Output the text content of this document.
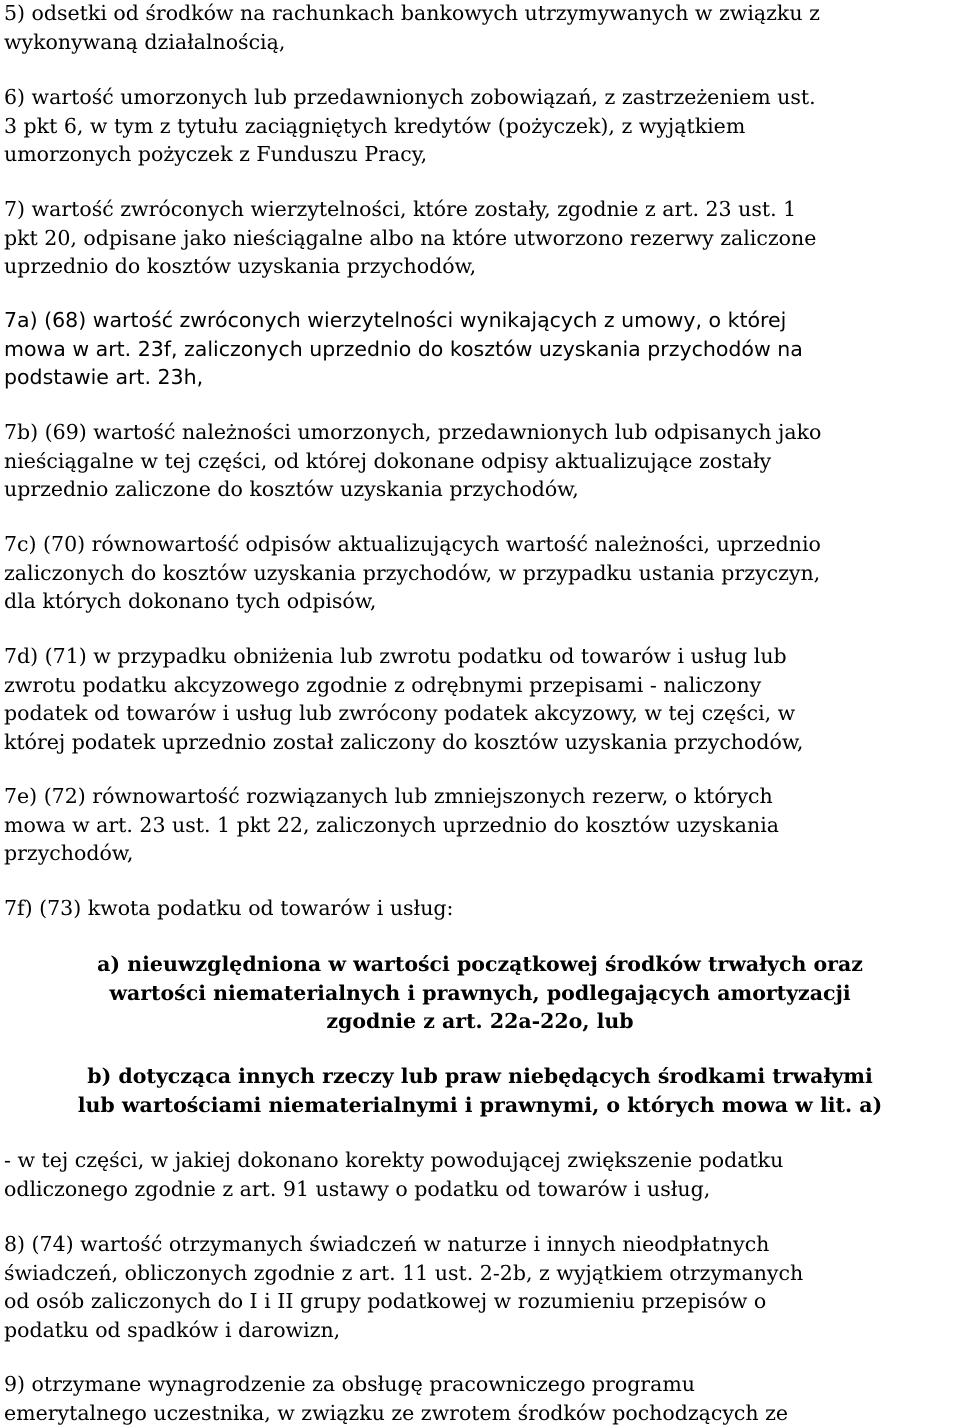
5) odsetki od środków na rachunkach bankowych utrzymywanych w związku z
wykonywaną działalnością,
6) wartość umorzonych lub przedawnionych zobowiązań, z zastrzeżeniem ust.
3 pkt 6, w tym z tytułu zaciągniętych kredytów (pożyczek), z wyjątkiem
umorzonych pożyczek z Funduszu Pracy,
7) wartość zwróconych wierzytelności, które zostały, zgodnie z art. 23 ust. 1
pkt 20, odpisane jako nieściągalne albo na które utworzono rezerwy zaliczone
uprzednio do kosztów uzyskania przychodów,
7a) (68) wartość zwróconych wierzytelności wynikających z umowy, o której
mowa w art. 23f, zaliczonych uprzednio do kosztów uzyskania przychodów na
podstawie art. 23h,
7b) (69) wartość należności umorzonych, przedawnionych lub odpisanych jako
nieściągalne w tej części, od której dokonane odpisy aktualizujące zostały
uprzednio zaliczone do kosztów uzyskania przychodów,
7c) (70) równowartość odpisów aktualizujących wartość należności, uprzednio
zaliczonych do kosztów uzyskania przychodów, w przypadku ustania przyczyn,
dla których dokonano tych odpisów,
7d) (71) w przypadku obniżenia lub zwrotu podatku od towarów i usług lub
zwrotu podatku akcyzowego zgodnie z odrębnymi przepisami - naliczony
podatek od towarów i usług lub zwrócony podatek akcyzowy, w tej części, w
której podatek uprzednio został zaliczony do kosztów uzyskania przychodów,
7e) (72) równowartość rozwiązanych lub zmniejszonych rezerw, o których
mowa w art. 23 ust. 1 pkt 22, zaliczonych uprzednio do kosztów uzyskania
przychodów,
7f) (73) kwota podatku od towarów i usług:
a) nieuwzględniona w wartości początkowej środków trwałych oraz
wartości niematerialnych i prawnych, podlegających amortyzacji
zgodnie z art. 22a-22o, lub
b) dotycząca innych rzeczy lub praw niebędących środkami trwałymi
lub wartościami niematerialnymi i prawnymi, o których mowa w lit. a)
- w tej części, w jakiej dokonano korekty powodującej zwiększenie podatku
odliczonego zgodnie z art. 91 ustawy o podatku od towarów i usług,
8) (74) wartość otrzymanych świadczeń w naturze i innych nieodpłatnych
świadczeń, obliczonych zgodnie z art. 11 ust. 2-2b, z wyjątkiem otrzymanych
od osób zaliczonych do I i II grupy podatkowej w rozumieniu przepisów o
podatku od spadków i darowizn,
9) otrzymane wynagrodzenie za obsługę pracowniczego programu
emerytalnego uczestnika, w związku ze zwrotem środków pochodzących ze
